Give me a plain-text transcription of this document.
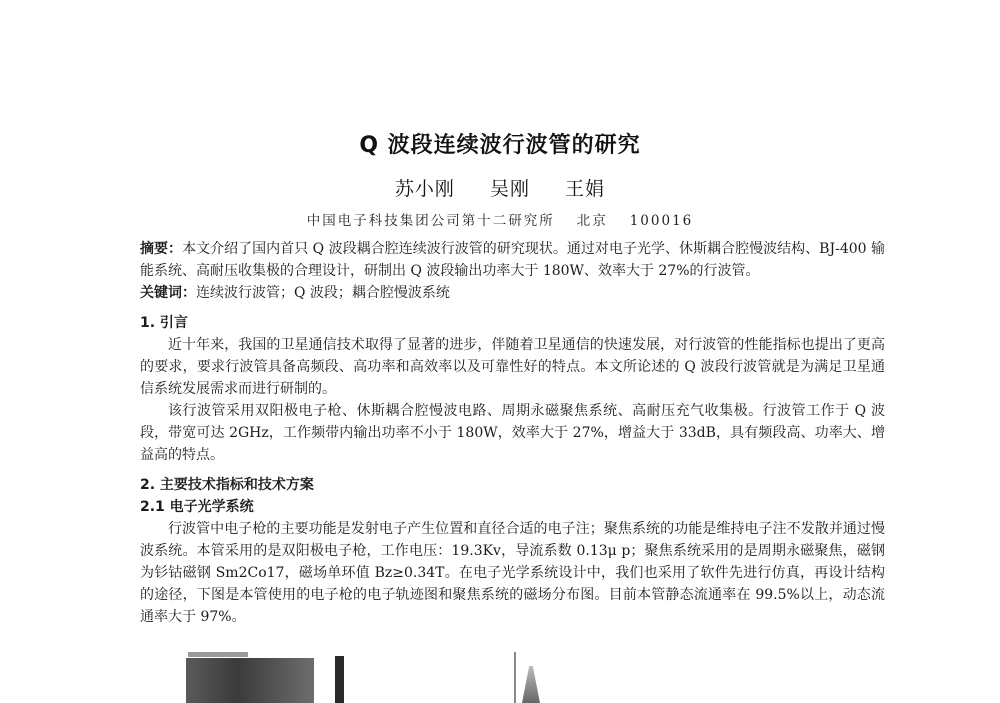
Q 波段连续波行波管的研究
苏小刚 吴刚 王娟
中国电子科技集团公司第十二研究所 北京 100016

摘要：本文介绍了国内首只 Q 波段耦合腔连续波行波管的研究现状。通过对电子光学、休斯耦合腔慢波结构、BJ-400 输能系统、高耐压收集极的合理设计，研制出 Q 波段输出功率大于 180W、效率大于 27%的行波管。

关键词：连续波行波管；Q 波段；耦合腔慢波系统

1. 引言

近十年来，我国的卫星通信技术取得了显著的进步，伴随着卫星通信的快速发展，对行波管的性能指标也提出了更高的要求，要求行波管具备高频段、高功率和高效率以及可靠性好的特点。本文所论述的 Q 波段行波管就是为满足卫星通信系统发展需求而进行研制的。

该行波管采用双阳极电子枪、休斯耦合腔慢波电路、周期永磁聚焦系统、高耐压充气收集极。行波管工作于 Q 波段，带宽可达 2GHz，工作频带内输出功率不小于 180W，效率大于 27%，增益大于 33dB，具有频段高、功率大、增益高的特点。

2. 主要技术指标和技术方案

2.1 电子光学系统

行波管中电子枪的主要功能是发射电子产生位置和直径合适的电子注；聚焦系统的功能是维持电子注不发散并通过慢波系统。本管采用的是双阳极电子枪，工作电压：19.3Kv，导流系数 0.13μ p；聚焦系统采用的是周期永磁聚焦，磁钢为钐钴磁钢 Sm2Co17，磁场单环值 Bz≥0.34T。在电子光学系统设计中，我们也采用了软件先进行仿真，再设计结构的途径，下图是本管使用的电子枪的电子轨迹图和聚焦系统的磁场分布图。目前本管静态流通率在 99.5%以上，动态流通率大于 97%。
